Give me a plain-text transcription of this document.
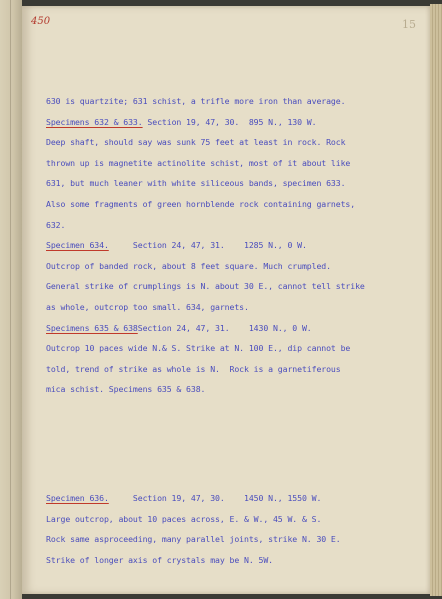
450	15
630 is quartzite; 631 schist, a trifle more iron than average.
Specimens 632 & 633. Section 19, 47, 30.  895 N., 130 W.
Deep shaft, should say was sunk 75 feet at least in rock. Rock
thrown up is magnetite actinolite schist, most of it about like
631, but much leaner with white siliceous bands, specimen 633.
Also some fragments of green hornblende rock containing garnets,
632.
Specimen 634.     Section 24, 47, 31.    1285 N., 0 W.
Outcrop of banded rock, about 8 feet square. Much crumpled.
General strike of crumplings is N. about 30 E., cannot tell strike
as whole, outcrop too small. 634, garnets.
Specimens 635 & 638Section 24, 47, 31.    1430 N., 0 W.
Outcrop 10 paces wide N.& S. Strike at N. 100 E., dip cannot be
told, trend of strike as whole is N.  Rock is a garnetiferous
mica schist. Specimens 635 & 638.
Specimen 636.     Section 19, 47, 30.    1450 N., 1550 W.
Large outcrop, about 10 paces across, E. & W., 45 W. & S.
Rock same asproceeding, many parallel joints, strike N. 30 E.
Strike of longer axis of crystals may be N. 5W.
